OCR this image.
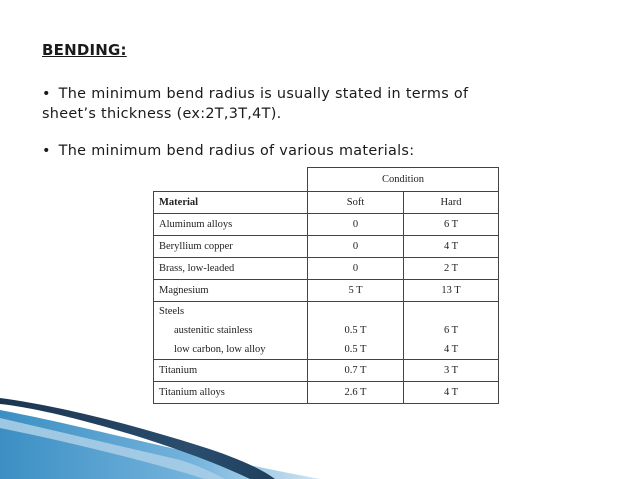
BENDING:
• The minimum bend radius is usually stated in terms of sheet’s thickness (ex:2T,3T,4T).
• The minimum bend radius of various materials:
	Condition	
Material	Soft	Hard
Aluminum alloys	0	6 T
Beryllium copper	0	4 T
Brass, low-leaded	0	2 T
Magnesium	5 T	13 T
Steels		
austenitic stainless	0.5 T	6 T
low carbon, low alloy	0.5 T	4 T
Titanium	0.7 T	3 T
Titanium alloys	2.6 T	4 T
